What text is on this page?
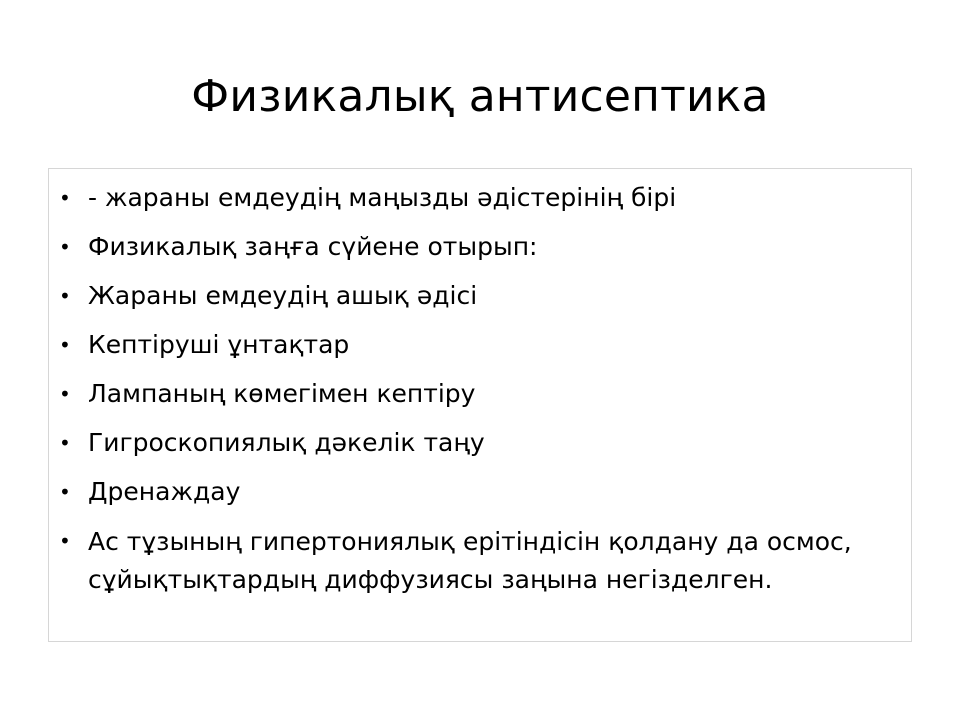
Физикалық антисептика
• - жараны емдеудің маңызды әдістерінің бірі
• Физикалық заңға сүйене отырып:
• Жараны емдеудің ашық әдісі
• Кептіруші ұнтақтар
• Лампаның көмегімен кептіру
• Гигроскопиялық дәкелік таңу
• Дренаждау
• Ас тұзының гипертониялық ерітіндісін қолдану да осмос, сұйықтықтардың диффузиясы заңына негізделген.
